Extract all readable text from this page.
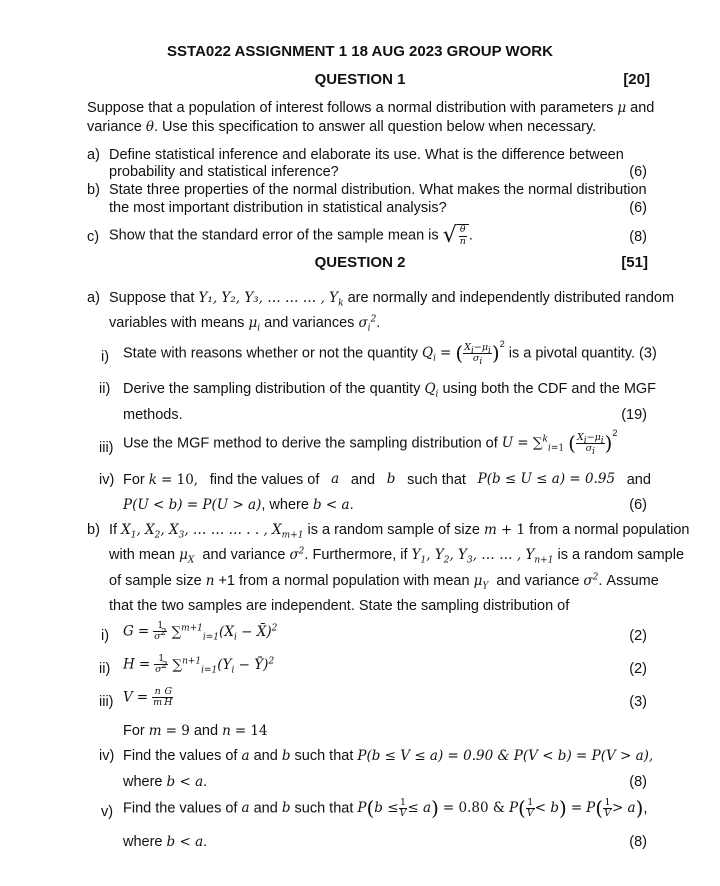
SSTA022 ASSIGNMENT 1 18 AUG 2023 GROUP WORK
QUESTION 1	[20]
Suppose that a population of interest follows a normal distribution with parameters μ and
variance θ. Use this specification to answer all question below when necessary.
a) Define statistical inference and elaborate its use. What is the difference between
probability and statistical inference?	(6)
b) State three properties of the normal distribution. What makes the normal distribution
the most important distribution in statistical analysis?	(6)
c) Show that the standard error of the sample mean is √ $\frac{\theta}{n}$ .	(8)
QUESTION 2	[51]
a) Suppose that Y₁, Y₂, Y₃, … … … , $Y_k$ are normally and independently distributed random
variables with means $\mu_i$ and variances $\sigma_i^2$.
i) State with reasons whether or not the quantity $Q_i$ = ( $\frac{X_i-\mu_i}{\sigma_i} )^2$ is a pivotal quantity. (3)
ii) Derive the sampling distribution of the quantity $Q_i$ using both the CDF and the MGF
methods.	(19)
iii) Use the MGF method to derive the sampling distribution of U = ∑$^k_{i=1}$ ( $\frac{X_i-\mu_i}{\sigma_i} )^2$
iv) For k = 10, find the values of a and b such that P(b ≤ U ≤ a) = 0.95 and
P(U < b) = P(U > a), where b < a.	(6)
b) If $X_1$, $X_2$, $X_3$, … … … . . , $X_{m+1}$ is a random sample of size m + 1 from a normal population
with mean $\mu_X$ and variance $\sigma^2$. Furthermore, if $Y_1$, $Y_2$, $Y_3$, … … , $Y_{n+1}$ is a random sample
of sample size n +1 from a normal population with mean $\mu_Y$ and variance $\sigma^2$. Assume
that the two samples are independent. State the sampling distribution of
i) $G = \frac{1}{\sigma^2} \sum^{m+1}_{i=1}(X_i$ − X̄)$^2$	(2)
ii) $H = \frac{1}{\sigma^2} \sum^{n+1}_{i=1}(Y_i$ − Ȳ)$^2$	(2)
iii) $V = \frac{n}{m} \frac{G}{H}$	(3)
For m = 9 and n = 14
iv) Find the values of a and b such that P(b ≤ V ≤ a) = 0.90 & P(V < b) = P(V > a),
where b < a.	(8)
v) Find the values of a and b such that $P(b \le \frac{1}{V} \le a) = 0.80$ & $P( \frac{1}{V} < b) = P( \frac{1}{V} > a)$,
where b < a.	(8)
